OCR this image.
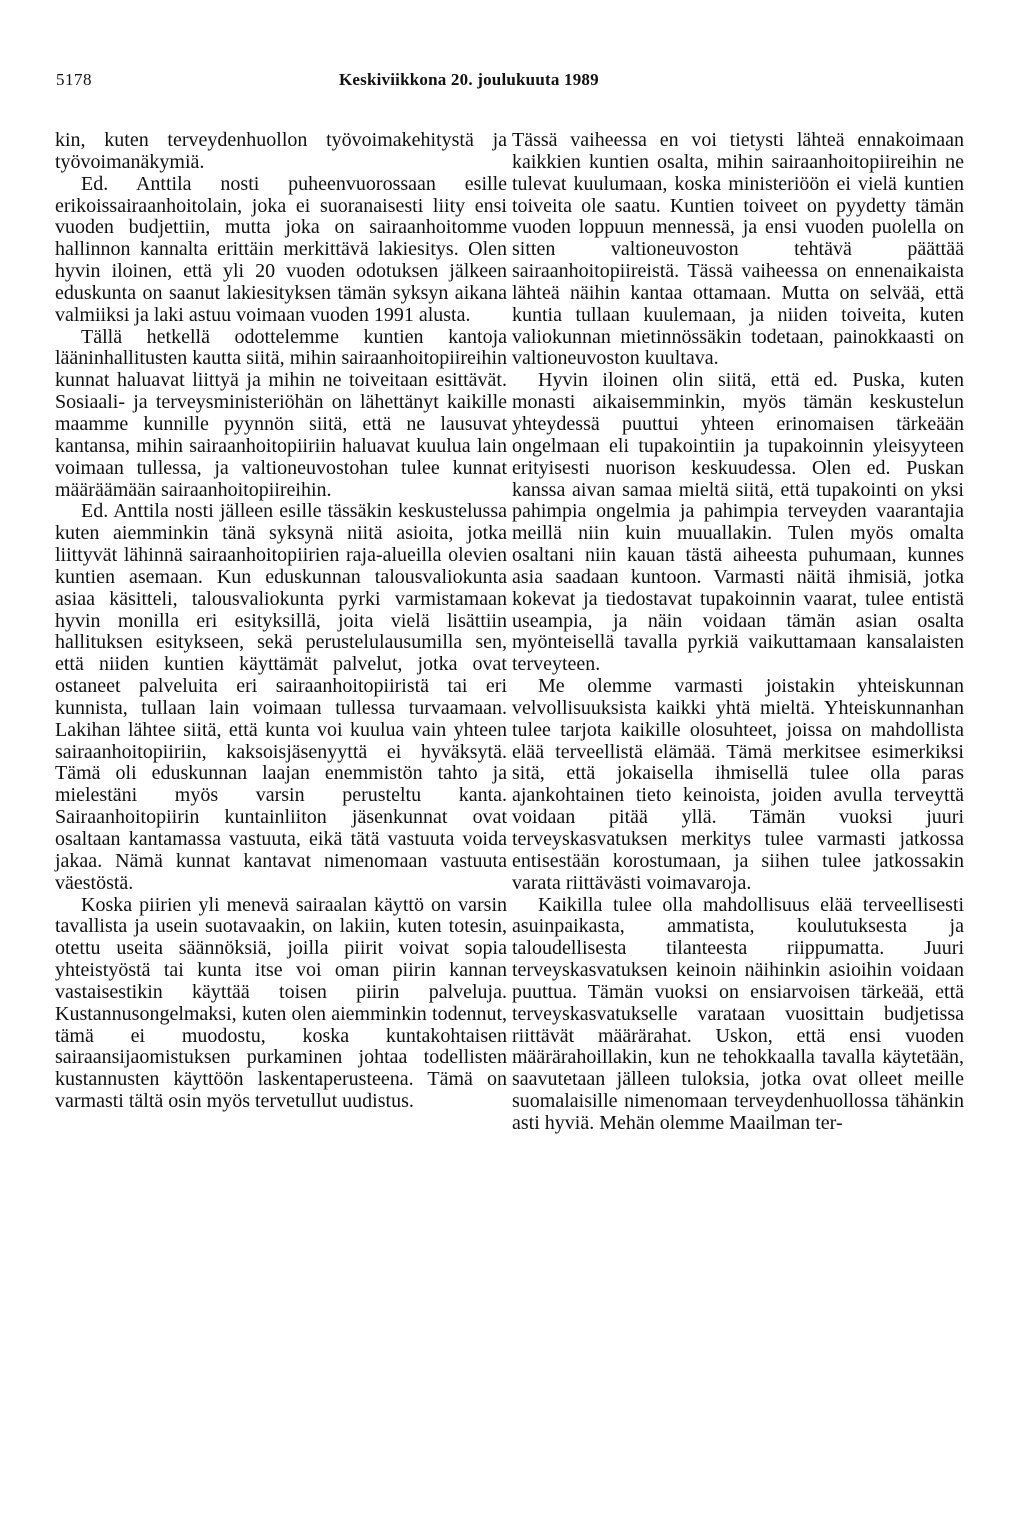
5178	Keskiviikkona 20. joulukuuta 1989

kin, kuten terveydenhuollon työvoimakehitystä ja työvoimanäkymiä.

Ed. Anttila nosti puheenvuorossaan esille erikoissairaanhoitolain, joka ei suoranaisesti liity ensi vuoden budjettiin, mutta joka on sairaanhoitomme hallinnon kannalta erittäin merkittävä lakiesitys. Olen hyvin iloinen, että yli 20 vuoden odotuksen jälkeen eduskunta on saanut lakiesityksen tämän syksyn aikana valmiiksi ja laki astuu voimaan vuoden 1991 alusta.

Tällä hetkellä odottelemme kuntien kantoja lääninhallitusten kautta siitä, mihin sairaanhoitopiireihin kunnat haluavat liittyä ja mihin ne toiveitaan esittävät. Sosiaali- ja terveysministeriöhän on lähettänyt kaikille maamme kunnille pyynnön siitä, että ne lausuvat kantansa, mihin sairaanhoitopiiriin haluavat kuulua lain voimaan tullessa, ja valtioneuvostohan tulee kunnat määräämään sairaanhoitopiireihin.

Ed. Anttila nosti jälleen esille tässäkin keskustelussa kuten aiemminkin tänä syksynä niitä asioita, jotka liittyvät lähinnä sairaanhoitopiirien raja-alueilla olevien kuntien asemaan. Kun eduskunnan talousvaliokunta asiaa käsitteli, talousvaliokunta pyrki varmistamaan hyvin monilla eri esityksillä, joita vielä lisättiin hallituksen esitykseen, sekä perustelulausumilla sen, että niiden kuntien käyttämät palvelut, jotka ovat ostaneet palveluita eri sairaanhoitopiiristä tai eri kunnista, tullaan lain voimaan tullessa turvaamaan. Lakihan lähtee siitä, että kunta voi kuulua vain yhteen sairaanhoitopiiriin, kaksoisjäsenyyttä ei hyväksytä. Tämä oli eduskunnan laajan enemmistön tahto ja mielestäni myös varsin perusteltu kanta. Sairaanhoitopiirin kuntainliiton jäsenkunnat ovat osaltaan kantamassa vastuuta, eikä tätä vastuuta voida jakaa. Nämä kunnat kantavat nimenomaan vastuuta väestöstä.

Koska piirien yli menevä sairaalan käyttö on varsin tavallista ja usein suotavaakin, on lakiin, kuten totesin, otettu useita säännöksiä, joilla piirit voivat sopia yhteistyöstä tai kunta itse voi oman piirin kannan vastaisestikin käyttää toisen piirin palveluja. Kustannusongelmaksi, kuten olen aiemminkin todennut, tämä ei muodostu, koska kuntakohtaisen sairaansijaomistuksen purkaminen johtaa todellisten kustannusten käyttöön laskentaperusteena. Tämä on varmasti tältä osin myös tervetullut uudistus.

Tässä vaiheessa en voi tietysti lähteä ennakoimaan kaikkien kuntien osalta, mihin sairaanhoitopiireihin ne tulevat kuulumaan, koska ministeriöön ei vielä kuntien toiveita ole saatu. Kuntien toiveet on pyydetty tämän vuoden loppuun mennessä, ja ensi vuoden puolella on sitten valtioneuvoston tehtävä päättää sairaanhoitopiireistä. Tässä vaiheessa on ennenaikaista lähteä näihin kantaa ottamaan. Mutta on selvää, että kuntia tullaan kuulemaan, ja niiden toiveita, kuten valiokunnan mietinnössäkin todetaan, painokkaasti on valtioneuvoston kuultava.

Hyvin iloinen olin siitä, että ed. Puska, kuten monasti aikaisemminkin, myös tämän keskustelun yhteydessä puuttui yhteen erinomaisen tärkeään ongelmaan eli tupakointiin ja tupakoinnin yleisyyteen erityisesti nuorison keskuudessa. Olen ed. Puskan kanssa aivan samaa mieltä siitä, että tupakointi on yksi pahimpia ongelmia ja pahimpia terveyden vaarantajia meillä niin kuin muuallakin. Tulen myös omalta osaltani niin kauan tästä aiheesta puhumaan, kunnes asia saadaan kuntoon. Varmasti näitä ihmisiä, jotka kokevat ja tiedostavat tupakoinnin vaarat, tulee entistä useampia, ja näin voidaan tämän asian osalta myönteisellä tavalla pyrkiä vaikuttamaan kansalaisten terveyteen.

Me olemme varmasti joistakin yhteiskunnan velvollisuuksista kaikki yhtä mieltä. Yhteiskunnanhan tulee tarjota kaikille olosuhteet, joissa on mahdollista elää terveellistä elämää. Tämä merkitsee esimerkiksi sitä, että jokaisella ihmisellä tulee olla paras ajankohtainen tieto keinoista, joiden avulla terveyttä voidaan pitää yllä. Tämän vuoksi juuri terveyskasvatuksen merkitys tulee varmasti jatkossa entisestään korostumaan, ja siihen tulee jatkossakin varata riittävästi voimavaroja.

Kaikilla tulee olla mahdollisuus elää terveellisesti asuinpaikasta, ammatista, koulutuksesta ja taloudellisesta tilanteesta riippumatta. Juuri terveyskasvatuksen keinoin näihinkin asioihin voidaan puuttua. Tämän vuoksi on ensiarvoisen tärkeää, että terveyskasvatukselle varataan vuosittain budjetissa riittävät määrärahat. Uskon, että ensi vuoden määrärahoillakin, kun ne tehokkaalla tavalla käytetään, saavutetaan jälleen tuloksia, jotka ovat olleet meille suomalaisille nimenomaan terveydenhuollossa tähänkin asti hyviä. Mehän olemme Maailman ter-
